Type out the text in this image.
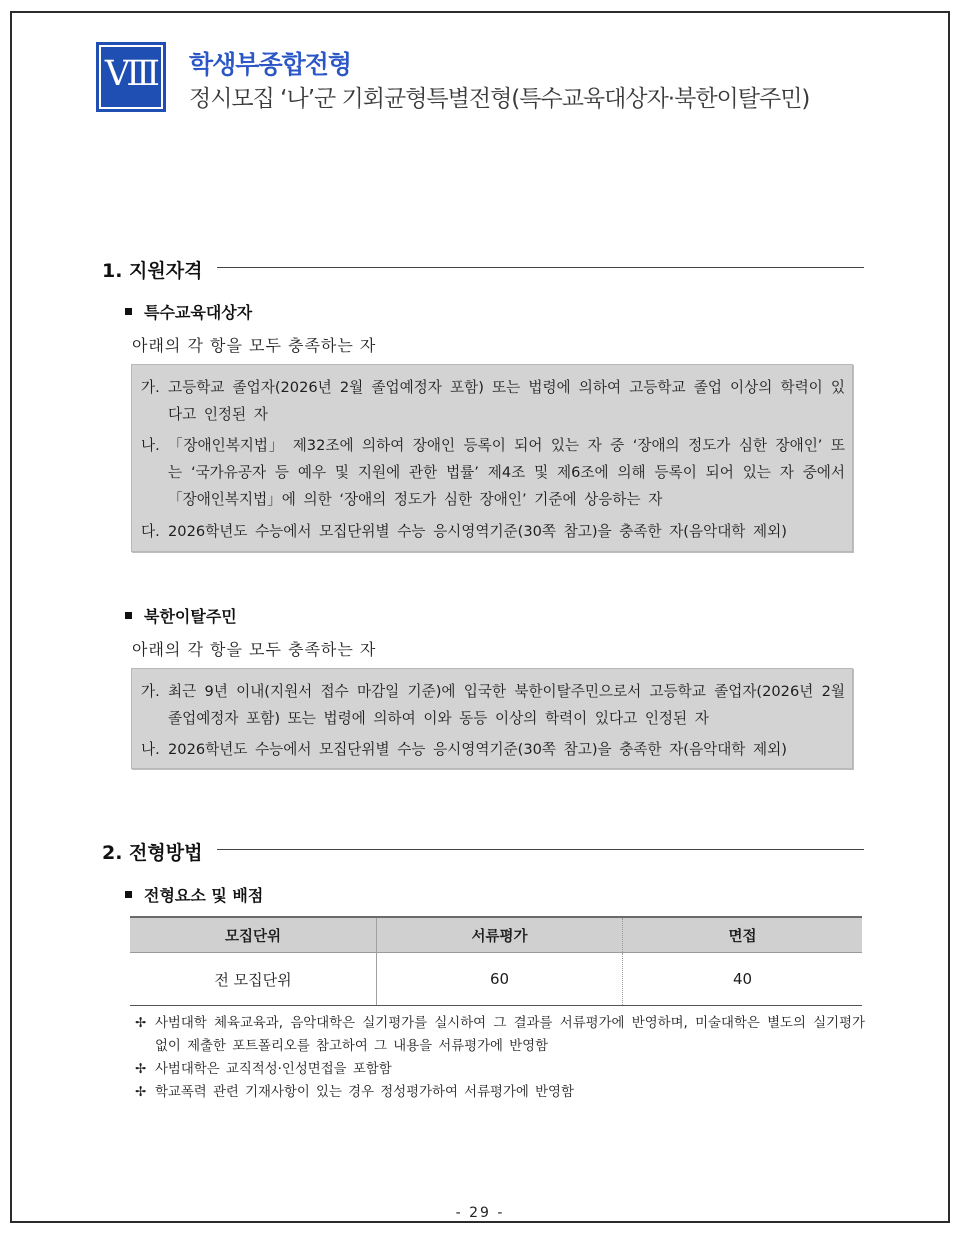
Ⅷ	학생부종합전형
정시모집 ‘나’군 기회균형특별전형(특수교육대상자·북한이탈주민)
1. 지원자격
특수교육대상자
아래의 각 항을 모두 충족하는 자
가. 고등학교 졸업자(2026년 2월 졸업예정자 포함) 또는 법령에 의하여 고등학교 졸업 이상의 학력이 있다고 인정된 자
나. 「장애인복지법」 제32조에 의하여 장애인 등록이 되어 있는 자 중 ‘장애의 정도가 심한 장애인’ 또는 ‘국가유공자 등 예우 및 지원에 관한 법률’ 제4조 및 제6조에 의해 등록이 되어 있는 자 중에서 「장애인복지법」에 의한 ‘장애의 정도가 심한 장애인’ 기준에 상응하는 자
다. 2026학년도 수능에서 모집단위별 수능 응시영역기준(30쪽 참고)을 충족한 자(음악대학 제외)
북한이탈주민
아래의 각 항을 모두 충족하는 자
가. 최근 9년 이내(지원서 접수 마감일 기준)에 입국한 북한이탈주민으로서 고등학교 졸업자(2026년 2월 졸업예정자 포함) 또는 법령에 의하여 이와 동등 이상의 학력이 있다고 인정된 자
나. 2026학년도 수능에서 모집단위별 수능 응시영역기준(30쪽 참고)을 충족한 자(음악대학 제외)
2. 전형방법
전형요소 및 배점
모집단위	서류평가	면접
전 모집단위	60	40
✢ 사범대학 체육교육과, 음악대학은 실기평가를 실시하여 그 결과를 서류평가에 반영하며, 미술대학은 별도의 실기평가 없이 제출한 포트폴리오를 참고하여 그 내용을 서류평가에 반영함
✢ 사범대학은 교직적성·인성면접을 포함함
✢ 학교폭력 관련 기재사항이 있는 경우 정성평가하여 서류평가에 반영함
- 29 -
